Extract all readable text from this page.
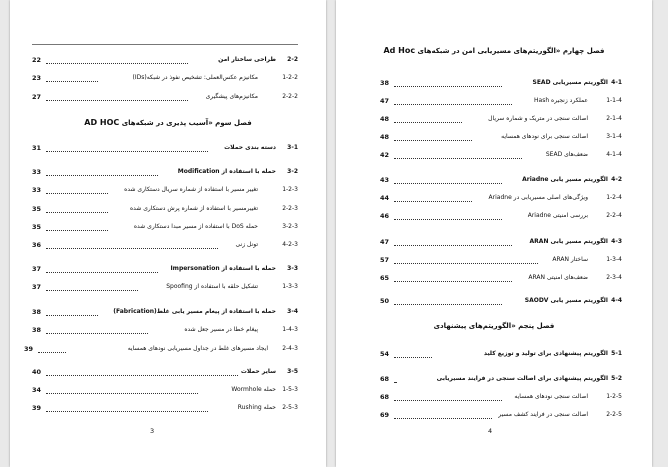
2-2
طراحی ساختار امن
22
1-2-2
مکانیزم عکس‌العملی: تشخیص نفوذ در شبکه(IDs)
23
2-2-2
مکانیزم‌های پیشگیری
27
فصل سوم «آسیب پذیری در شبکه‌های AD HOC
3-1
دسته بندی حملات
31
3-2
حمله با استفاده از Modification
33
1-2-3
تغییر مسیر با استفاده از شماره سریال دستکاری شده
33
2-2-3
تغییرمسیر با استفاده از شماره پرش دستکاری شده
35
3-2-3
حمله DoS با استفاده از مسیر مبدا دستکاری شده
35
4-2-3
تونل زنی
36
3-3
حمله با استفاده از Impersonation
37
1-3-3
تشکیل حلقه با استفاده از Spoofing
37
3-4
حمله با استفاده از پیغام مسیر یابی غلط(Fabrication)
38
1-4-3
پیغام خطا در مسیر جعل شده
38
2-4-3
ایجاد مسیرهای غلط در جداول مسیریابی نودهای همسایه
39
3-5
سایر حملات
40
1-5-3
حمله Wormhole
34
2-5-3
حمله Rushing
39
3
فصل چهارم «الگوریتم‌های مسیریابی امن در شبکه‌های Ad Hoc
4-1
الگوریتم مسیریابی SEAD
38
1-1-4
عملکرد زنجیره Hash
47
2-1-4
اصالت سنجی در متریک و شماره سریال
48
3-1-4
اصالت سنجی برای نودهای همسایه
48
4-1-4
ضعف‌های SEAD
42
4-2
الگوریتم مسیر یابی Ariadne
43
1-2-4
ویژگی‌های اصلی مسیریابی در Ariadne
44
2-2-4
بررسی امنیتی Ariadne
46
4-3
الگوریتم مسیر یابی ARAN
47
1-3-4
ساختار ARAN
57
2-3-4
ضعف‌های امنیتی ARAN
65
4-4
الگوریتم مسیر یابی SAODV
50
فصل پنجم «الگوریتم‌های پیشنهادی
5-1
الگوریتم پیشنهادی برای تولید و توزیع کلید
54
5-2
الگوریتم پیشنهادی برای اصالت سنجی در فرایند مسیریابی
68
1-2-5
اصالت سنجی نودهای همسایه
68
2-2-5
اصالت سنجی در فرایند کشف مسیر
69
4
